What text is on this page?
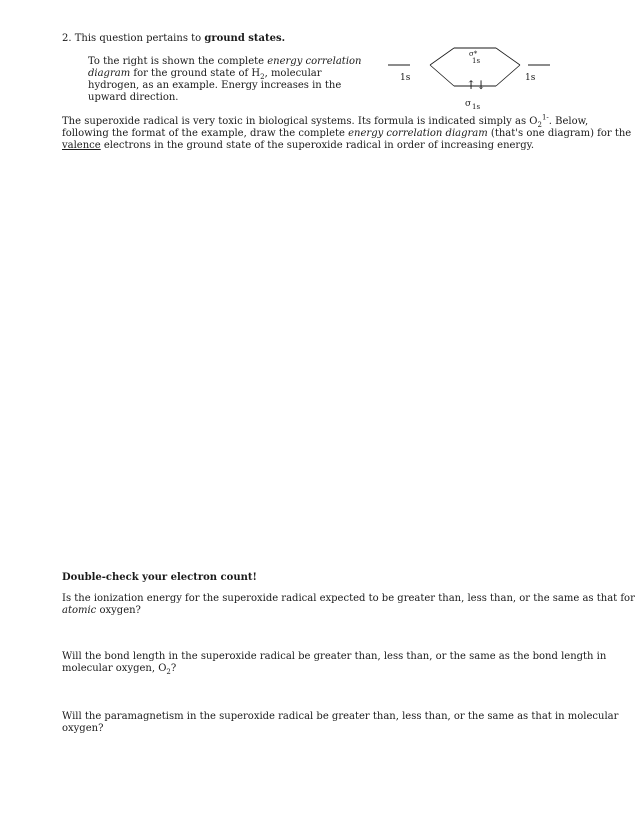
2. This question pertains to ground states.
To the right is shown the complete energy correlation
diagram for the ground state of $H_2$, molecular
hydrogen, as an example. Energy increases in the
upward direction.
1s	1s
σ*
1s
↑↓
σ 1s
The superoxide radical is very toxic in biological systems. Its formula is indicated simply as $O_2^{1-}$. Below,
following the format of the example, draw the complete energy correlation diagram (that's one diagram) for the
valence electrons in the ground state of the superoxide radical in order of increasing energy.
Double-check your electron count!
Is the ionization energy for the superoxide radical expected to be greater than, less than, or the same as that for
atomic oxygen?
Will the bond length in the superoxide radical be greater than, less than, or the same as the bond length in
molecular oxygen, $O_2$?
Will the paramagnetism in the superoxide radical be greater than, less than, or the same as that in molecular
oxygen?
